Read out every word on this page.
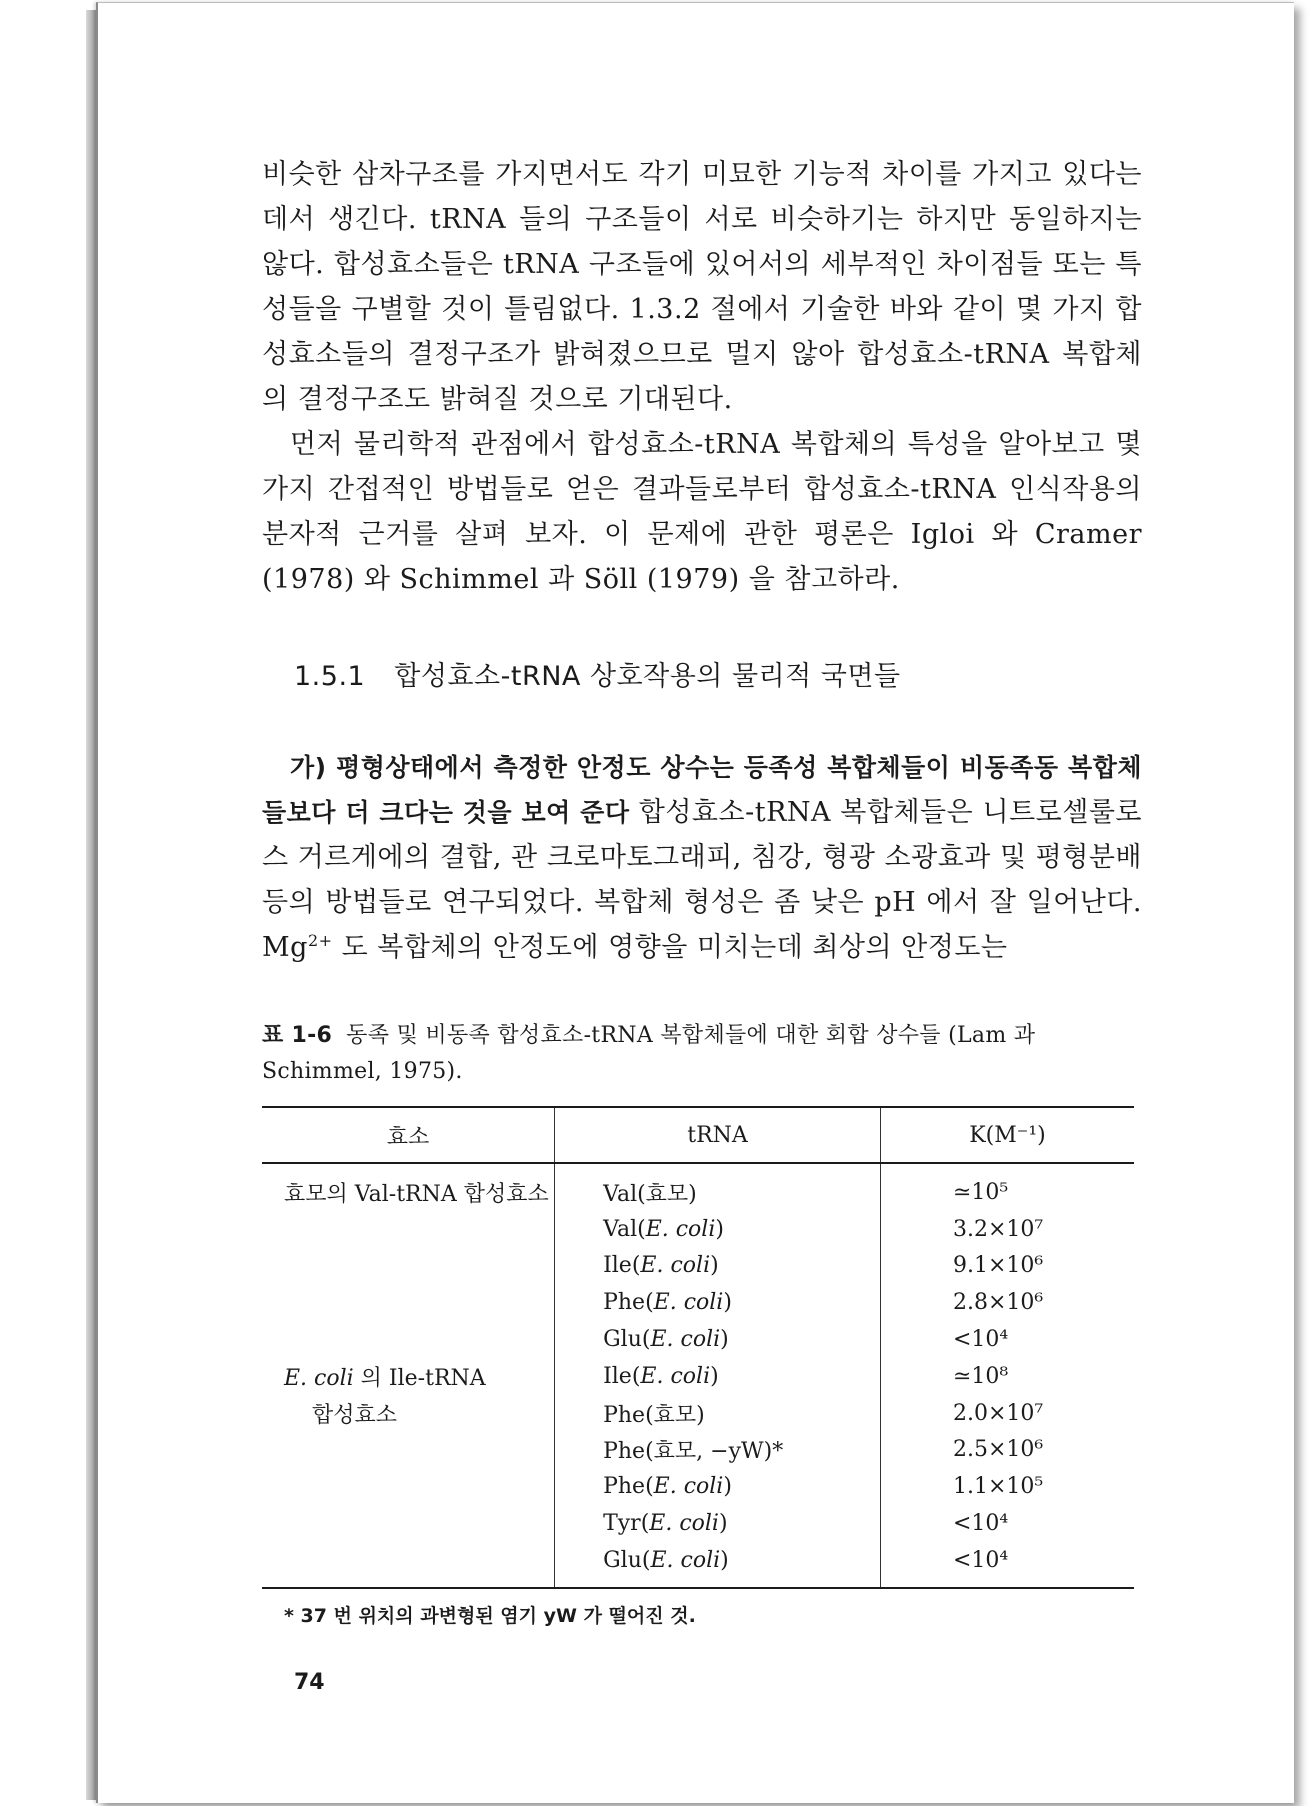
비슷한 삼차구조를 가지면서도 각기 미묘한 기능적 차이를 가지고 있다는 데서 생긴다. tRNA 들의 구조들이 서로 비슷하기는 하지만 동일하지는 않다. 합성효소들은 tRNA 구조들에 있어서의 세부적인 차이점들 또는 특성들을 구별할 것이 틀림없다. 1.3.2 절에서 기술한 바와 같이 몇 가지 합성효소들의 결정구조가 밝혀졌으므로 멀지 않아 합성효소-tRNA 복합체의 결정구조도 밝혀질 것으로 기대된다.

먼저 물리학적 관점에서 합성효소-tRNA 복합체의 특성을 알아보고 몇 가지 간접적인 방법들로 얻은 결과들로부터 합성효소-tRNA 인식작용의 분자적 근거를 살펴 보자. 이 문제에 관한 평론은 Igloi 와 Cramer (1978) 와 Schimmel 과 Söll (1979) 을 참고하라.

1.5.1 합성효소-tRNA 상호작용의 물리적 국면들

가) 평형상태에서 측정한 안정도 상수는 등족성 복합체들이 비동족동 복합체들보다 더 크다는 것을 보여 준다 합성효소-tRNA 복합체들은 니트로셀룰로스 거르게에의 결합, 관 크로마토그래피, 침강, 형광 소광효과 및 평형분배 등의 방법들로 연구되었다. 복합체 형성은 좀 낮은 pH 에서 잘 일어난다. $Mg^{2+}$ 도 복합체의 안정도에 영향을 미치는데 최상의 안정도는

표 1-6 동족 및 비동족 합성효소-tRNA 복합체들에 대한 회합 상수들 (Lam 과 Schimmel, 1975).
효소	tRNA	K(M⁻¹)
효모의 Val-tRNA 합성효소	Val(효모)	≃10⁵
	Val(E. coli)	3.2×10⁷
	Ile(E. coli)	9.1×10⁶
	Phe(E. coli)	2.8×10⁶
	Glu(E. coli)	<10⁴
E. coli 의 Ile-tRNA	Ile(E. coli)	≃10⁸
합성효소	Phe(효모)	2.0×10⁷
	Phe(효모, −yW)*	2.5×10⁶
	Phe(E. coli)	1.1×10⁵
	Tyr(E. coli)	<10⁴
	Glu(E. coli)	<10⁴
* 37 번 위치의 과변형된 염기 yW 가 떨어진 것.
74
